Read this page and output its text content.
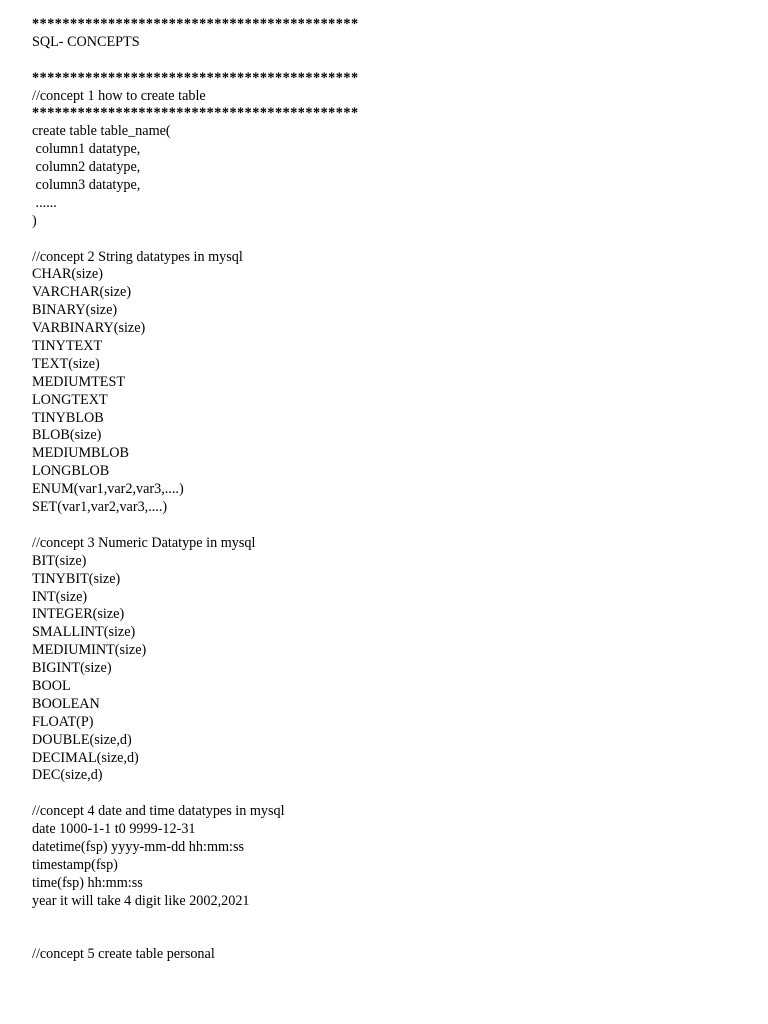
*******************************************
SQL- CONCEPTS
*******************************************
//concept 1 how to create table
*******************************************
create table table_name(
column1 datatype,
column2 datatype,
column3 datatype,
......
)
//concept 2 String datatypes in mysql
CHAR(size)
VARCHAR(size)
BINARY(size)
VARBINARY(size)
TINYTEXT
TEXT(size)
MEDIUMTEST
LONGTEXT
TINYBLOB
BLOB(size)
MEDIUMBLOB
LONGBLOB
ENUM(var1,var2,var3,....)
SET(var1,var2,var3,....)
//concept 3 Numeric Datatype in mysql
BIT(size)
TINYBIT(size)
INT(size)
INTEGER(size)
SMALLINT(size)
MEDIUMINT(size)
BIGINT(size)
BOOL
BOOLEAN
FLOAT(P)
DOUBLE(size,d)
DECIMAL(size,d)
DEC(size,d)
//concept 4 date and time datatypes in mysql
date 1000-1-1 t0 9999-12-31
datetime(fsp) yyyy-mm-dd hh:mm:ss
timestamp(fsp)
time(fsp) hh:mm:ss
year it will take 4 digit like 2002,2021
//concept 5 create table personal
